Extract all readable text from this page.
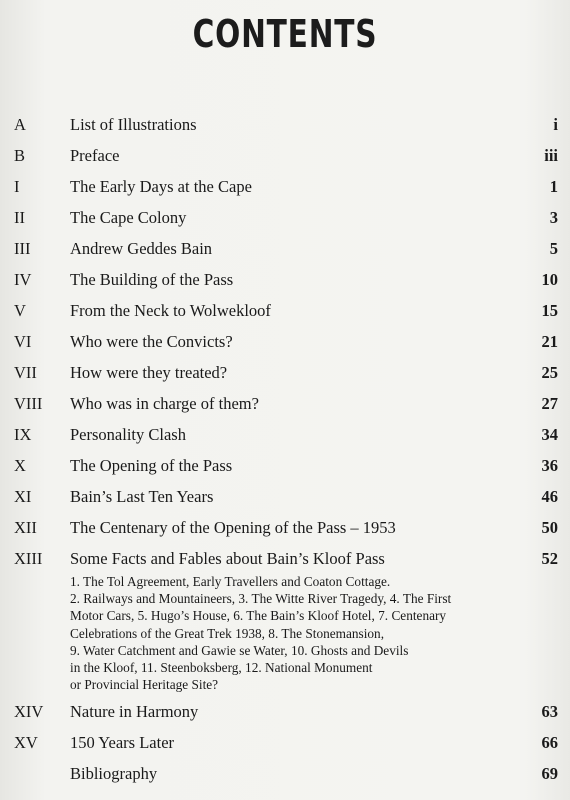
CONTENTS
A	List of Illustrations	i
B	Preface	iii
I	The Early Days at the Cape	1
II	The Cape Colony	3
III	Andrew Geddes Bain	5
IV	The Building of the Pass	10
V	From the Neck to Wolwekloof	15
VI	Who were the Convicts?	21
VII	How were they treated?	25
VIII	Who was in charge of them?	27
IX	Personality Clash	34
X	The Opening of the Pass	36
XI	Bain’s Last Ten Years	46
XII	The Centenary of the Opening of the Pass – 1953	50
XIII	Some Facts and Fables about Bain’s Kloof Pass	52
1. The Tol Agreement, Early Travellers and Coaton Cottage.
2. Railways and Mountaineers, 3. The Witte River Tragedy, 4. The First
Motor Cars, 5. Hugo’s House, 6. The Bain’s Kloof Hotel, 7. Centenary
Celebrations of the Great Trek 1938, 8. The Stonemansion,
9. Water Catchment and Gawie se Water, 10. Ghosts and Devils
in the Kloof, 11. Steenboksberg, 12. National Monument
or Provincial Heritage Site?
XIV	Nature in Harmony	63
XV	150 Years Later	66
Bibliography	69
